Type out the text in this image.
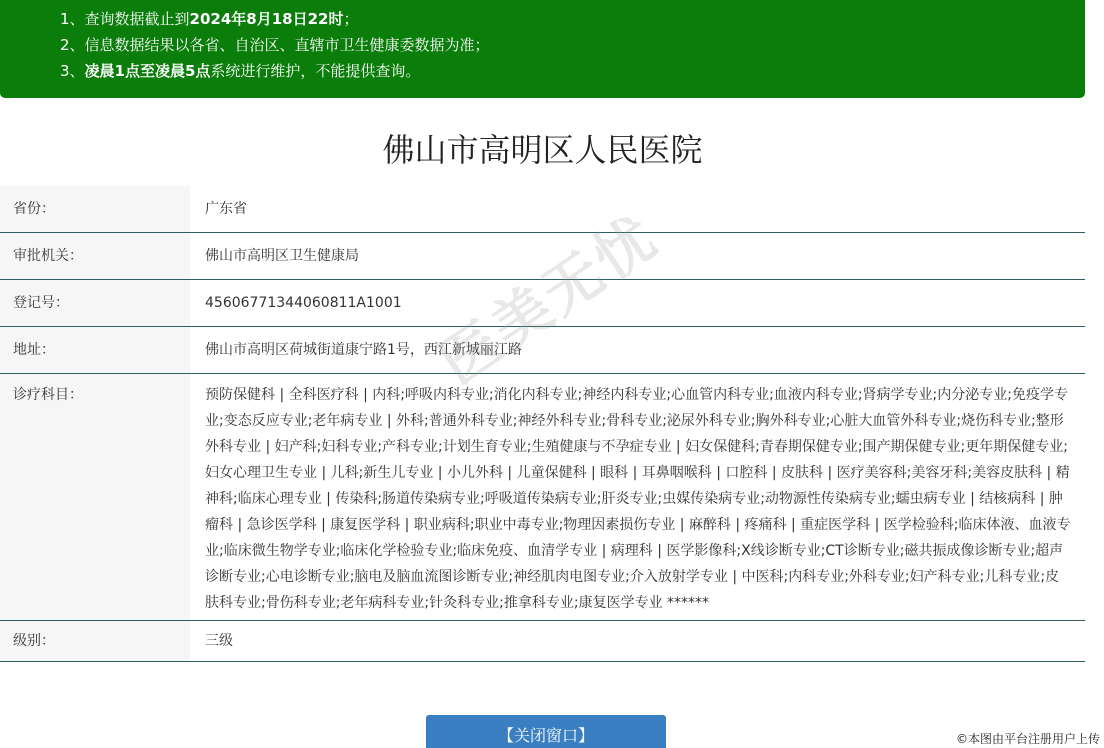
1、查询数据截止到2024年8月18日22时；
2、信息数据结果以各省、自治区、直辖市卫生健康委数据为准；
3、凌晨1点至凌晨5点系统进行维护，不能提供查询。
佛山市高明区人民医院
省份：	广东省
审批机关：	佛山市高明区卫生健康局
登记号：	45606771344060811A1001
地址：	佛山市高明区荷城街道康宁路1号，西江新城丽江路
诊疗科目：	预防保健科 | 全科医疗科 | 内科;呼吸内科专业;消化内科专业;神经内科专业;心血管内科专业;血液内科专业;肾病学专业;内分泌专业;免疫学专业;变态反应专业;老年病专业 | 外科;普通外科专业;神经外科专业;骨科专业;泌尿外科专业;胸外科专业;心脏大血管外科专业;烧伤科专业;整形外科专业 | 妇产科;妇科专业;产科专业;计划生育专业;生殖健康与不孕症专业 | 妇女保健科;青春期保健专业;围产期保健专业;更年期保健专业;妇女心理卫生专业 | 儿科;新生儿专业 | 小儿外科 | 儿童保健科 | 眼科 | 耳鼻咽喉科 | 口腔科 | 皮肤科 | 医疗美容科;美容牙科;美容皮肤科 | 精神科;临床心理专业 | 传染科;肠道传染病专业;呼吸道传染病专业;肝炎专业;虫媒传染病专业;动物源性传染病专业;蠕虫病专业 | 结核病科 | 肿瘤科 | 急诊医学科 | 康复医学科 | 职业病科;职业中毒专业;物理因素损伤专业 | 麻醉科 | 疼痛科 | 重症医学科 | 医学检验科;临床体液、血液专业;临床微生物学专业;临床化学检验专业;临床免疫、血清学专业 | 病理科 | 医学影像科;X线诊断专业;CT诊断专业;磁共振成像诊断专业;超声诊断专业;心电诊断专业;脑电及脑血流图诊断专业;神经肌肉电图专业;介入放射学专业 | 中医科;内科专业;外科专业;妇产科专业;儿科专业;皮肤科专业;骨伤科专业;老年病科专业;针灸科专业;推拿科专业;康复医学专业 ******
级别：	三级
医美无忧
【关闭窗口】	©本图由平台注册用户上传
